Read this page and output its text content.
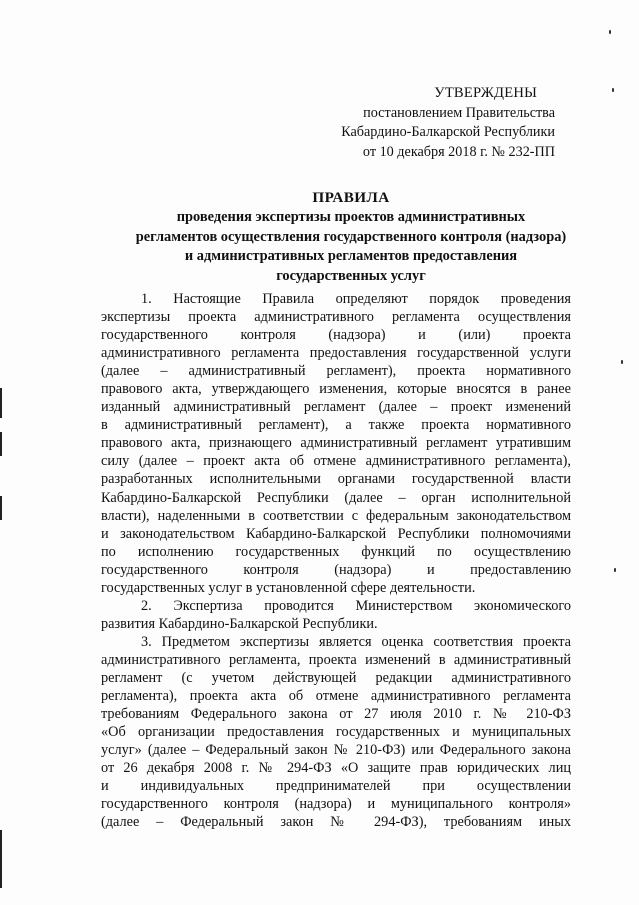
УТВЕРЖДЕНЫ
постановлением Правительства
Кабардино-Балкарской Республики
от 10 декабря 2018 г. № 232-ПП
ПРАВИЛА
проведения экспертизы проектов административных
регламентов осуществления государственного контроля (надзора)
и административных регламентов предоставления
государственных услуг
1. Настоящие Правила определяют порядок проведения
экспертизы проекта административного регламента осуществления
государственного контроля (надзора) и (или) проекта
административного регламента предоставления государственной услуги
(далее – административный регламент), проекта нормативного
правового акта, утверждающего изменения, которые вносятся в ранее
изданный административный регламент (далее – проект изменений
в административный регламент), а также проекта нормативного
правового акта, признающего административный регламент утратившим
силу (далее – проект акта об отмене административного регламента),
разработанных исполнительными органами государственной власти
Кабардино-Балкарской Республики (далее – орган исполнительной
власти), наделенными в соответствии с федеральным законодательством
и законодательством Кабардино-Балкарской Республики полномочиями
по исполнению государственных функций по осуществлению
государственного контроля (надзора) и предоставлению
государственных услуг в установленной сфере деятельности.
2. Экспертиза проводится Министерством экономического
развития Кабардино-Балкарской Республики.
3. Предметом экспертизы является оценка соответствия проекта
административного регламента, проекта изменений в административный
регламент (с учетом действующей редакции административного
регламента), проекта акта об отмене административного регламента
требованиям Федерального закона от 27 июля 2010 г. № 210-ФЗ
«Об организации предоставления государственных и муниципальных
услуг» (далее – Федеральный закон № 210-ФЗ) или Федерального закона
от 26 декабря 2008 г. № 294-ФЗ «О защите прав юридических лиц
и индивидуальных предпринимателей при осуществлении
государственного контроля (надзора) и муниципального контроля»
(далее – Федеральный закон № 294-ФЗ), требованиям иных
